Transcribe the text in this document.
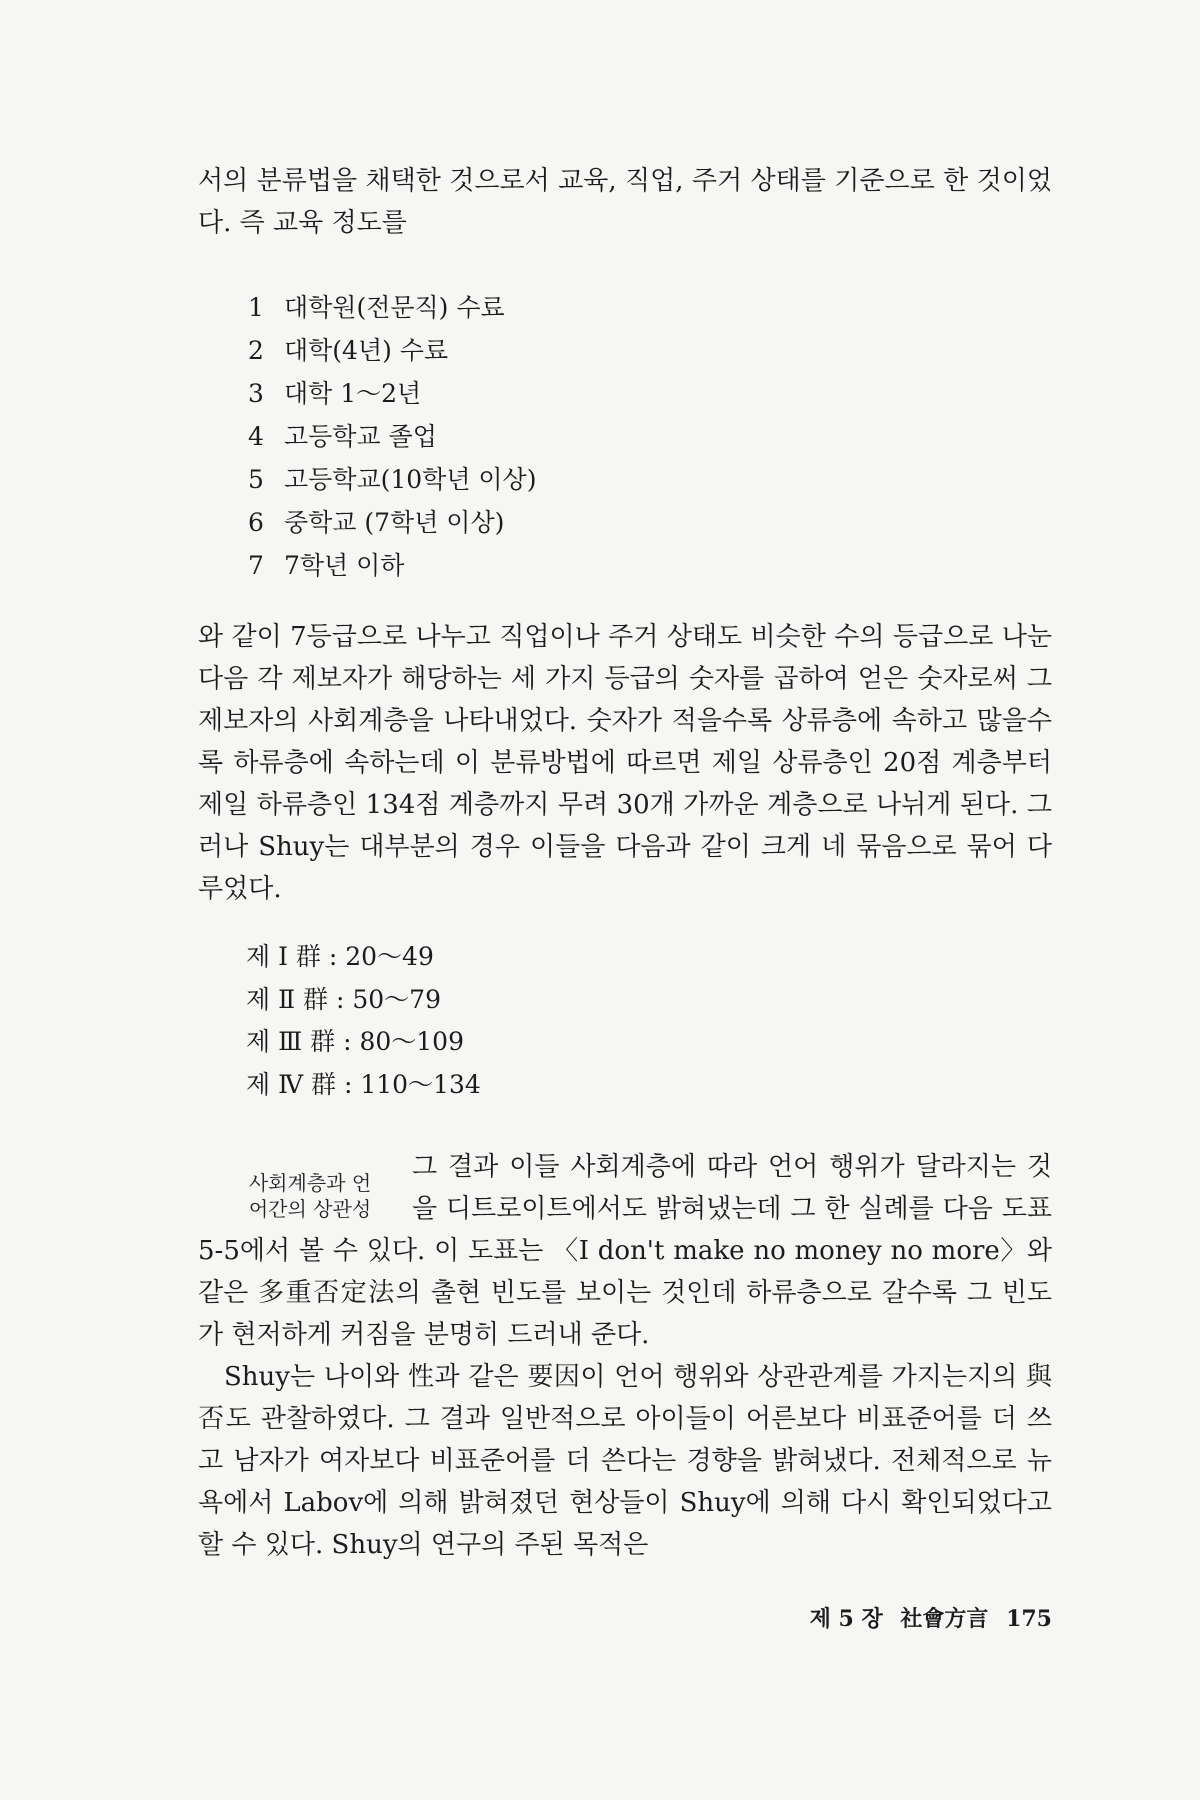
서의 분류법을 채택한 것으로서 교육, 직업, 주거 상태를 기준으로 한 것이었다. 즉 교육 정도를

1 대학원(전문직) 수료
2 대학(4년) 수료
3 대학 1～2년
4 고등학교 졸업
5 고등학교(10학년 이상)
6 중학교 (7학년 이상)
7 7학년 이하

와 같이 7등급으로 나누고 직업이나 주거 상태도 비슷한 수의 등급으로 나눈 다음 각 제보자가 해당하는 세 가지 등급의 숫자를 곱하여 얻은 숫자로써 그 제보자의 사회계층을 나타내었다. 숫자가 적을수록 상류층에 속하고 많을수록 하류층에 속하는데 이 분류방법에 따르면 제일 상류층인 20점 계층부터 제일 하류층인 134점 계층까지 무려 30개 가까운 계층으로 나뉘게 된다. 그러나 Shuy는 대부분의 경우 이들을 다음과 같이 크게 네 묶음으로 묶어 다루었다.

제 Ⅰ 群 : 20～49
제 Ⅱ 群 : 50～79
제 Ⅲ 群 : 80～109
제 Ⅳ 群 : 110～134
사회계층과 언
어간의 상관성

그 결과 이들 사회계층에 따라 언어 행위가 달라지는 것을 디트로이트에서도 밝혀냈는데 그 한 실례를 다음 도표 5-5에서 볼 수 있다. 이 도표는 〈I don't make no money no more〉와 같은 多重否定法의 출현 빈도를 보이는 것인데 하류층으로 갈수록 그 빈도가 현저하게 커짐을 분명히 드러내 준다.

Shuy는 나이와 性과 같은 要因이 언어 행위와 상관관계를 가지는지의 與否도 관찰하였다. 그 결과 일반적으로 아이들이 어른보다 비표준어를 더 쓰고 남자가 여자보다 비표준어를 더 쓴다는 경향을 밝혀냈다. 전체적으로 뉴욕에서 Labov에 의해 밝혀졌던 현상들이 Shuy에 의해 다시 확인되었다고 할 수 있다. Shuy의 연구의 주된 목적은

제 5 장 社會方言 175
